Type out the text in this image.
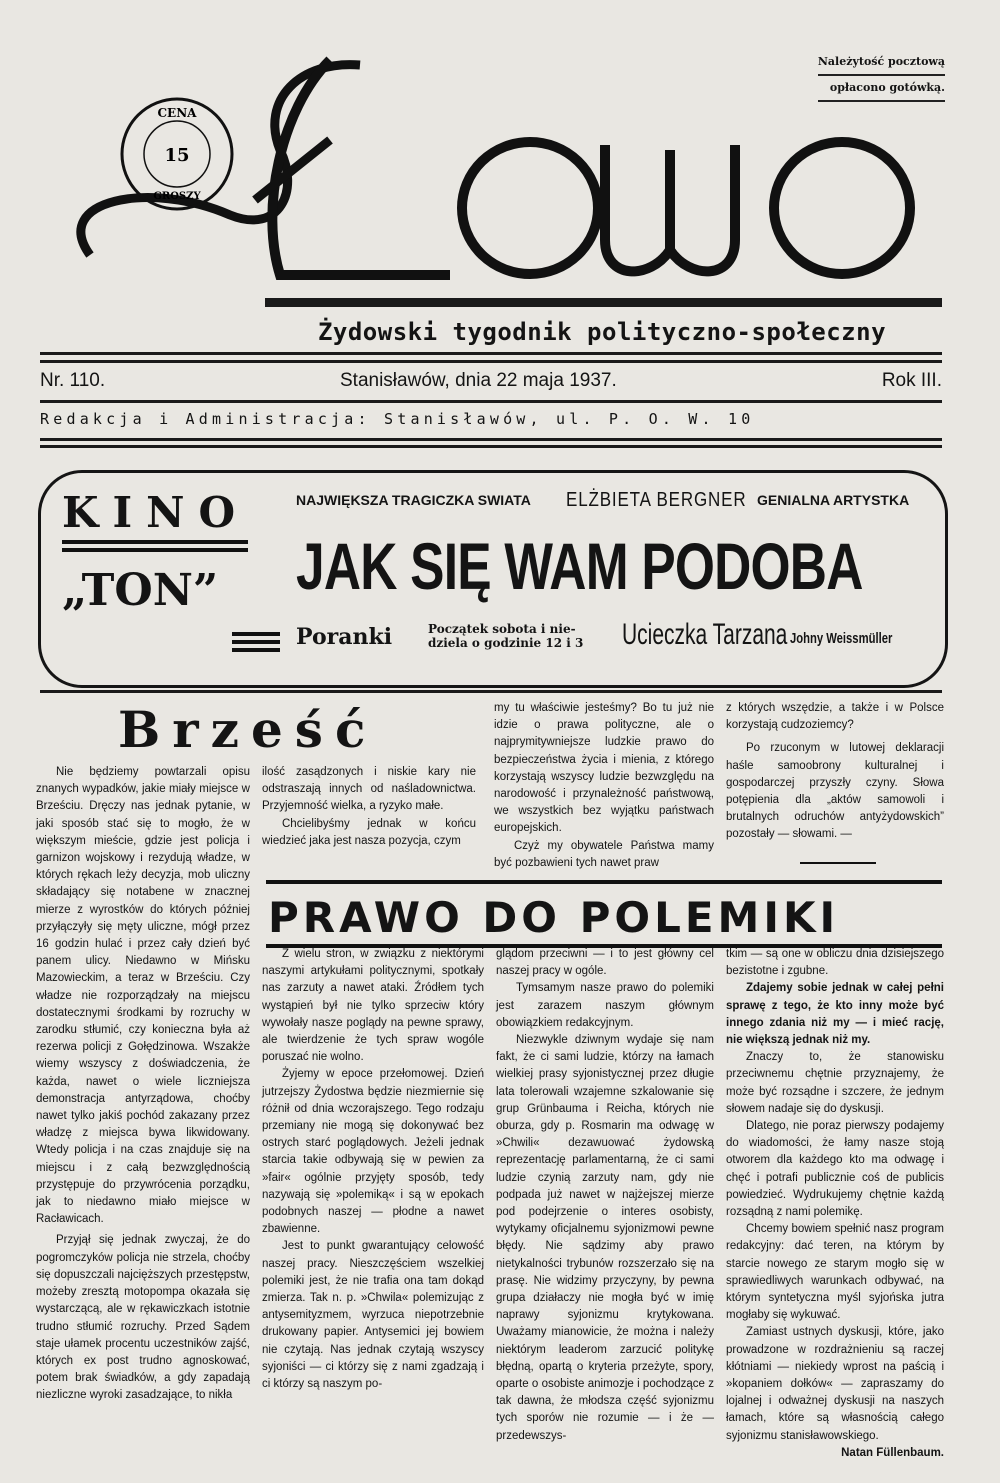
Należytość pocztową
opłacono gotówką.
CENA
15
GROSZY
Żydowski tygodnik polityczno-społeczny
Nr. 110.	Stanisławów, dnia 22 maja 1937.	Rok III.
Redakcja i Administracja: Stanisławów, ul. P. O. W. 10
KINO
„TON”
NAJWIĘKSZA TRAGICZKA SWIATA ELŻBIETA BERGNER GENIALNA ARTYSTKA
JAK SIĘ WAM PODOBA
Poranki	Początek sobota i nie-
dziela o godzinie 12 i 3 Ucieczka Tarzana Johny Weissmüller
Brześć

Nie będziemy powtarzali opisu znanych wypadków, jakie miały miejsce w Brześciu. Dręczy nas jednak pytanie, w jaki sposób stać się to mogło, że w większym mieście, gdzie jest policja i garnizon wojskowy i rezydują władze, w których rękach leży decyzja, mob uliczny składający się notabene w znacznej mierze z wyrostków do których później przyłączyły się męty uliczne, mógł przez 16 godzin hulać i przez cały dzień być panem ulicy. Niedawno w Mińsku Mazowieckim, a teraz w Brześciu. Czy władze nie rozporządzały na miejscu dostatecznymi środkami by rozruchy w zarodku stłumić, czy konieczna była aż rezerwa policji z Gołędzinowa. Wszakże wiemy wszyscy z doświadczenia, że każda, nawet o wiele liczniejsza demonstracja antyrządowa, choćby nawet tylko jakiś pochód zakazany przez władzę z miejsca bywa likwidowany. Wtedy policja i na czas znajduje się na miejscu i z całą bezwzględnością przystępuje do przywrócenia porządku, jak to niedawno miało miejsce w Racławicach.

Przyjął się jednak zwyczaj, że do pogromczyków policja nie strzela, choćby się dopuszczali najcięższych przestępstw, możeby zresztą motopompa okazała się wystarczącą, ale w rękawiczkach istotnie trudno stłumić rozruchy. Przed Sądem staje ułamek procentu uczestników zajść, których ex post trudno agnoskować, potem brak świadków, a gdy zapadają niezliczne wyroki zasadzające, to nikła

ilość zasądzonych i niskie kary nie odstraszają innych od naśladownictwa. Przyjemność wielka, a ryzyko małe.

Chcielibyśmy jednak w końcu wiedzieć jaka jest nasza pozycja, czym

my tu właściwie jesteśmy? Bo tu już nie idzie o prawa polityczne, ale o najprymitywniejsze ludzkie prawo do bezpieczeństwa życia i mienia, z którego korzystają wszyscy ludzie bezwzględu na narodowość i przynależność państwową, we wszystkich bez wyjątku państwach europejskich.

Czyż my obywatele Państwa mamy być pozbawieni tych nawet praw

z których wszędzie, a także i w Polsce korzystają cudzoziemcy?

Po rzuconym w lutowej deklaracji haśle samoobrony kulturalnej i gospodarczej przyszły czyny. Słowa potępienia dla „aktów samowoli i brutalnych odruchów antyżydowskich” pozostały — słowami. —

PRAWO DO POLEMIKI

Z wielu stron, w związku z niektórymi naszymi artykułami politycznymi, spotkały nas zarzuty a nawet ataki. Źródłem tych wystąpień był nie tylko sprzeciw który wywołały nasze poglądy na pewne sprawy, ale twierdzenie że tych spraw wogóle poruszać nie wolno.

Żyjemy w epoce przełomowej. Dzień jutrzejszy Żydostwa będzie niezmiernie się różnił od dnia wczorajszego. Tego rodzaju przemiany nie mogą się dokonywać bez ostrych starć poglądowych. Jeżeli jednak starcia takie odbywają się w pewien za »fair« ogólnie przyjęty sposób, tedy nazywają się »polemiką« i są w epokach podobnych naszej — płodne a nawet zbawienne.

Jest to punkt gwarantujący celowość naszej pracy. Nieszczęściem wszelkiej polemiki jest, że nie trafia ona tam dokąd zmierza. Tak n. p. »Chwila« polemizując z antysemityzmem, wyrzuca niepotrzebnie drukowany papier. Antysemici jej bowiem nie czytają. Nas jednak czytają wszyscy syjoniści — ci którzy się z nami zgadzają i ci którzy są naszym po-

glądom przeciwni — i to jest główny cel naszej pracy w ogóle.

Tymsamym nasze prawo do polemiki jest zarazem naszym głównym obowiązkiem redakcyjnym.

Niezwykle dziwnym wydaje się nam fakt, że ci sami ludzie, którzy na łamach wielkiej prasy syjonistycznej przez długie lata tolerowali wzajemne szkalowanie się grup Grünbauma i Reicha, których nie oburza, gdy p. Rosmarin ma odwagę w »Chwili« dezawuować żydowską reprezentację parlamentarną, że ci sami ludzie czynią zarzuty nam, gdy nie podpada już nawet w najżejszej mierze pod podejrzenie o interes osobisty, wytykamy oficjalnemu syjonizmowi pewne błędy. Nie sądzimy aby prawo nietykalności trybunów rozszerzało się na prasę. Nie widzimy przyczyny, by pewna grupa działaczy nie mogła być w imię naprawy syjonizmu krytykowana. Uważamy mianowicie, że można i należy niektórym leaderom zarzucić politykę błędną, opartą o kryteria przeżyte, spory, oparte o osobiste animozje i pochodzące z tak dawna, że młodsza część syjonizmu tych sporów nie rozumie — i że — przedewszys-

tkim — są one w obliczu dnia dzisiejszego bezistotne i zgubne.

Zdajemy sobie jednak w całej pełni sprawę z tego, że kto inny może być innego zdania niż my — i mieć rację, nie większą jednak niż my.

Znaczy to, że stanowisku przeciwnemu chętnie przyznajemy, że może być rozsądne i szczere, że jednym słowem nadaje się do dyskusji.

Dlatego, nie poraz pierwszy podajemy do wiadomości, że łamy nasze stoją otworem dla każdego kto ma odwagę i chęć i potrafi publicznie coś de publicis powiedzieć. Wydrukujemy chętnie każdą rozsądną z nami polemikę.

Chcemy bowiem spełnić nasz program redakcyjny: dać teren, na którym by starcie nowego ze starym mogło się w sprawiedliwych warunkach odbywać, na którym syntetyczna myśl syjońska jutra mogłaby się wykuwać.

Zamiast ustnych dyskusji, które, jako prowadzone w rozdrażnieniu są raczej kłótniami — niekiedy wprost na paścią i »kopaniem dołków« — zapraszamy do lojalnej i odważnej dyskusji na naszych łamach, które są własnością całego syjonizmu stanisławowskiego.

Natan Füllenbaum.
